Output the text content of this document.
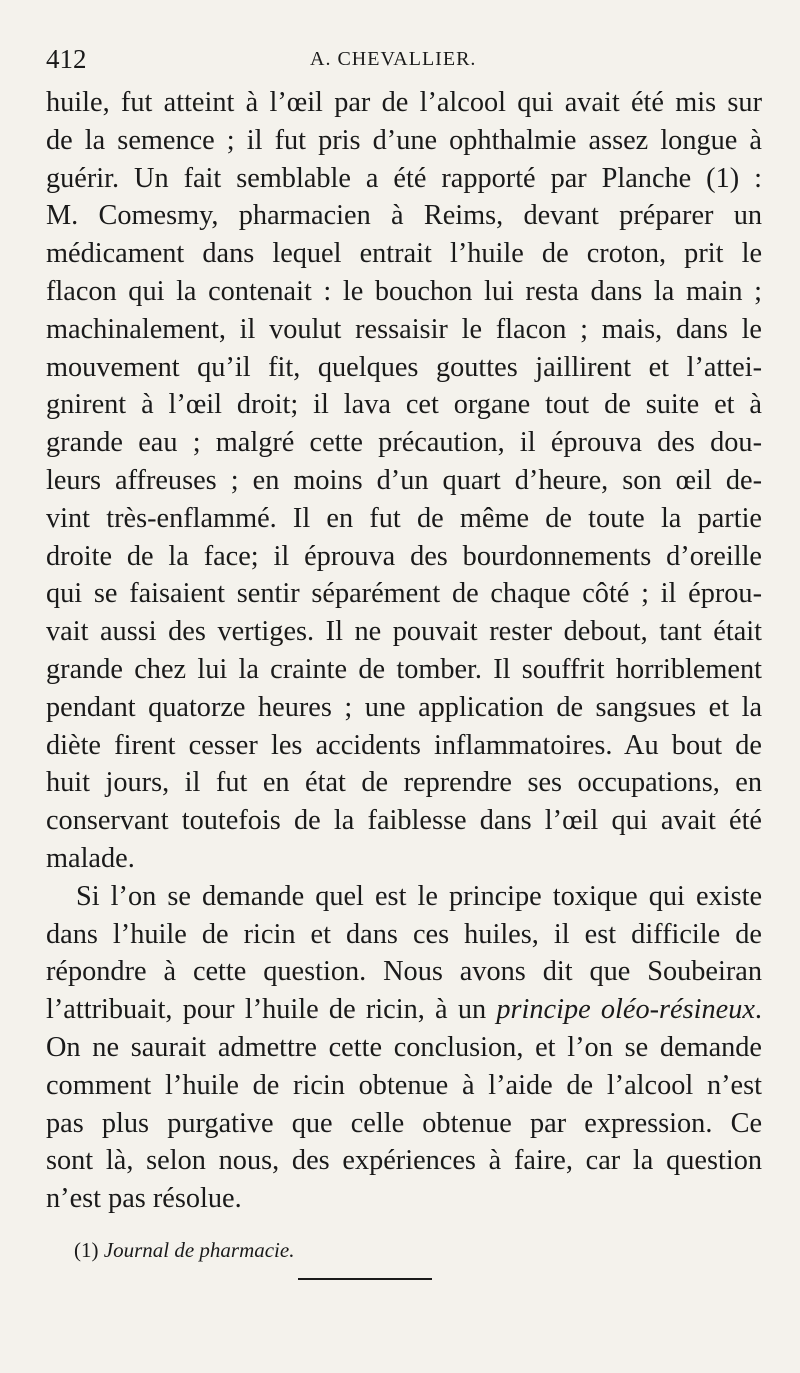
412	A. CHEVALLIER.

huile, fut atteint à l’œil par de l’alcool qui avait été mis sur
de la semence ; il fut pris d’une ophthalmie assez longue à
guérir. Un fait semblable a été rapporté par Planche (1) :
M. Comesmy, pharmacien à Reims, devant préparer un
médicament dans lequel entrait l’huile de croton, prit le
flacon qui la contenait : le bouchon lui resta dans la main ;
machinalement, il voulut ressaisir le flacon ; mais, dans le
mouvement qu’il fit, quelques gouttes jaillirent et l’attei-
gnirent à l’œil droit; il lava cet organe tout de suite et à
grande eau ; malgré cette précaution, il éprouva des dou-
leurs affreuses ; en moins d’un quart d’heure, son œil de-
vint très-enflammé. Il en fut de même de toute la partie
droite de la face; il éprouva des bourdonnements d’oreille
qui se faisaient sentir séparément de chaque côté ; il éprou-
vait aussi des vertiges. Il ne pouvait rester debout, tant était
grande chez lui la crainte de tomber. Il souffrit horriblement
pendant quatorze heures ; une application de sangsues et la
diète firent cesser les accidents inflammatoires. Au bout de
huit jours, il fut en état de reprendre ses occupations, en
conservant toutefois de la faiblesse dans l’œil qui avait été
malade.

Si l’on se demande quel est le principe toxique qui existe
dans l’huile de ricin et dans ces huiles, il est difficile de
répondre à cette question. Nous avons dit que Soubeiran
l’attribuait, pour l’huile de ricin, à un principe oléo-résineux.
On ne saurait admettre cette conclusion, et l’on se demande
comment l’huile de ricin obtenue à l’aide de l’alcool n’est
pas plus purgative que celle obtenue par expression. Ce
sont là, selon nous, des expériences à faire, car la question
n’est pas résolue.

(1) Journal de pharmacie.
